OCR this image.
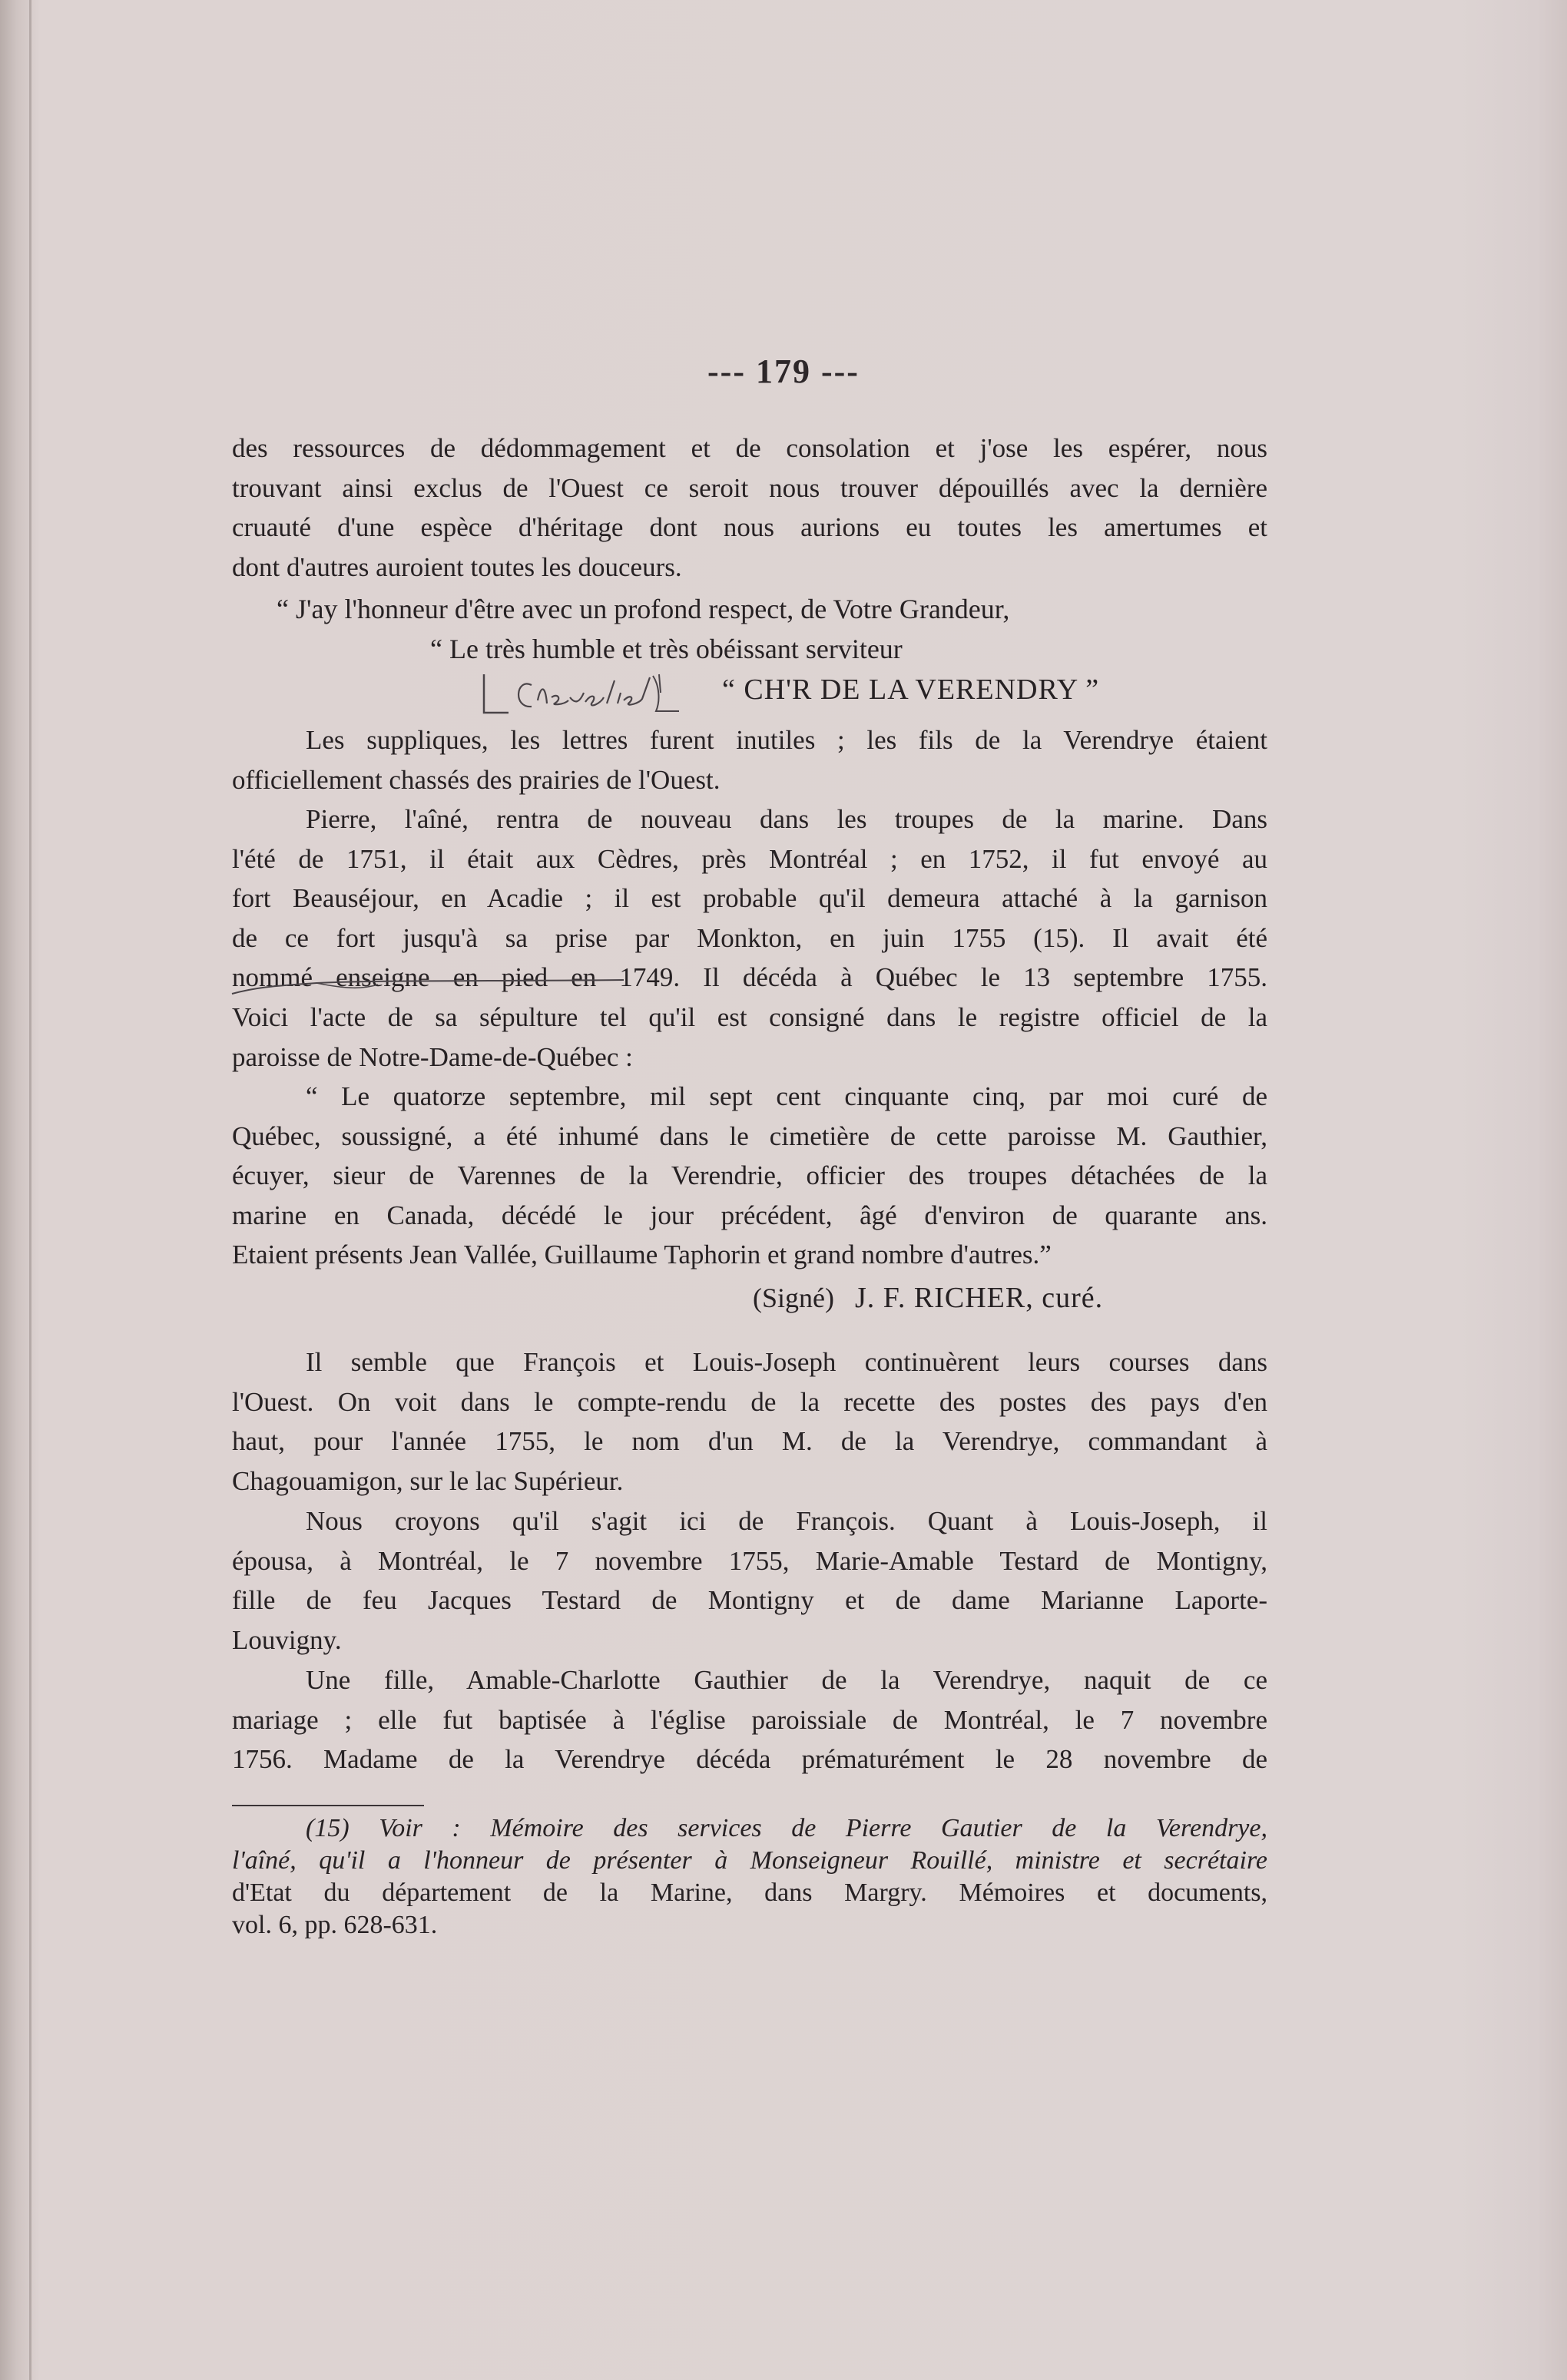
--- 179 ---
des ressources de dédommagement et de consolation et j'ose les espérer, nous
trouvant ainsi exclus de l'Ouest ce seroit nous trouver dépouillés avec la dernière
cruauté d'une espèce d'héritage dont nous aurions eu toutes les amertumes et
dont d'autres auroient toutes les douceurs.
“ J'ay l'honneur d'être avec un profond respect, de Votre Grandeur,
“ Le très humble et très obéissant serviteur
“ CH'R DE LA VERENDRY ”
Les suppliques, les lettres furent inutiles ; les fils de la Verendrye étaient
officiellement chassés des prairies de l'Ouest.
Pierre, l'aîné, rentra de nouveau dans les troupes de la marine. Dans
l'été de 1751, il était aux Cèdres, près Montréal ; en 1752, il fut envoyé au
fort Beauséjour, en Acadie ; il est probable qu'il demeura attaché à la garnison
de ce fort jusqu'à sa prise par Monkton, en juin 1755 (15). Il avait été
nommé enseigne en pied en 1749. Il décéda à Québec le 13 septembre 1755.
Voici l'acte de sa sépulture tel qu'il est consigné dans le registre officiel de la
paroisse de Notre-Dame-de-Québec :
“ Le quatorze septembre, mil sept cent cinquante cinq, par moi curé de
Québec, soussigné, a été inhumé dans le cimetière de cette paroisse M. Gauthier,
écuyer, sieur de Varennes de la Verendrie, officier des troupes détachées de la
marine en Canada, décédé le jour précédent, âgé d'environ de quarante ans.
Etaient présents Jean Vallée, Guillaume Taphorin et grand nombre d'autres.”
(Signé) J. F. RICHER, curé.
Il semble que François et Louis-Joseph continuèrent leurs courses dans
l'Ouest. On voit dans le compte-rendu de la recette des postes des pays d'en
haut, pour l'année 1755, le nom d'un M. de la Verendrye, commandant à
Chagouamigon, sur le lac Supérieur.
Nous croyons qu'il s'agit ici de François. Quant à Louis-Joseph, il
épousa, à Montréal, le 7 novembre 1755, Marie-Amable Testard de Montigny,
fille de feu Jacques Testard de Montigny et de dame Marianne Laporte-
Louvigny.
Une fille, Amable-Charlotte Gauthier de la Verendrye, naquit de ce
mariage ; elle fut baptisée à l'église paroissiale de Montréal, le 7 novembre
1756. Madame de la Verendrye décéda prématurément le 28 novembre de
(15) Voir : Mémoire des services de Pierre Gautier de la Verendrye,
l'aîné, qu'il a l'honneur de présenter à Monseigneur Rouillé, ministre et secrétaire
d'Etat du département de la Marine, dans Margry. Mémoires et documents,
vol. 6, pp. 628-631.
